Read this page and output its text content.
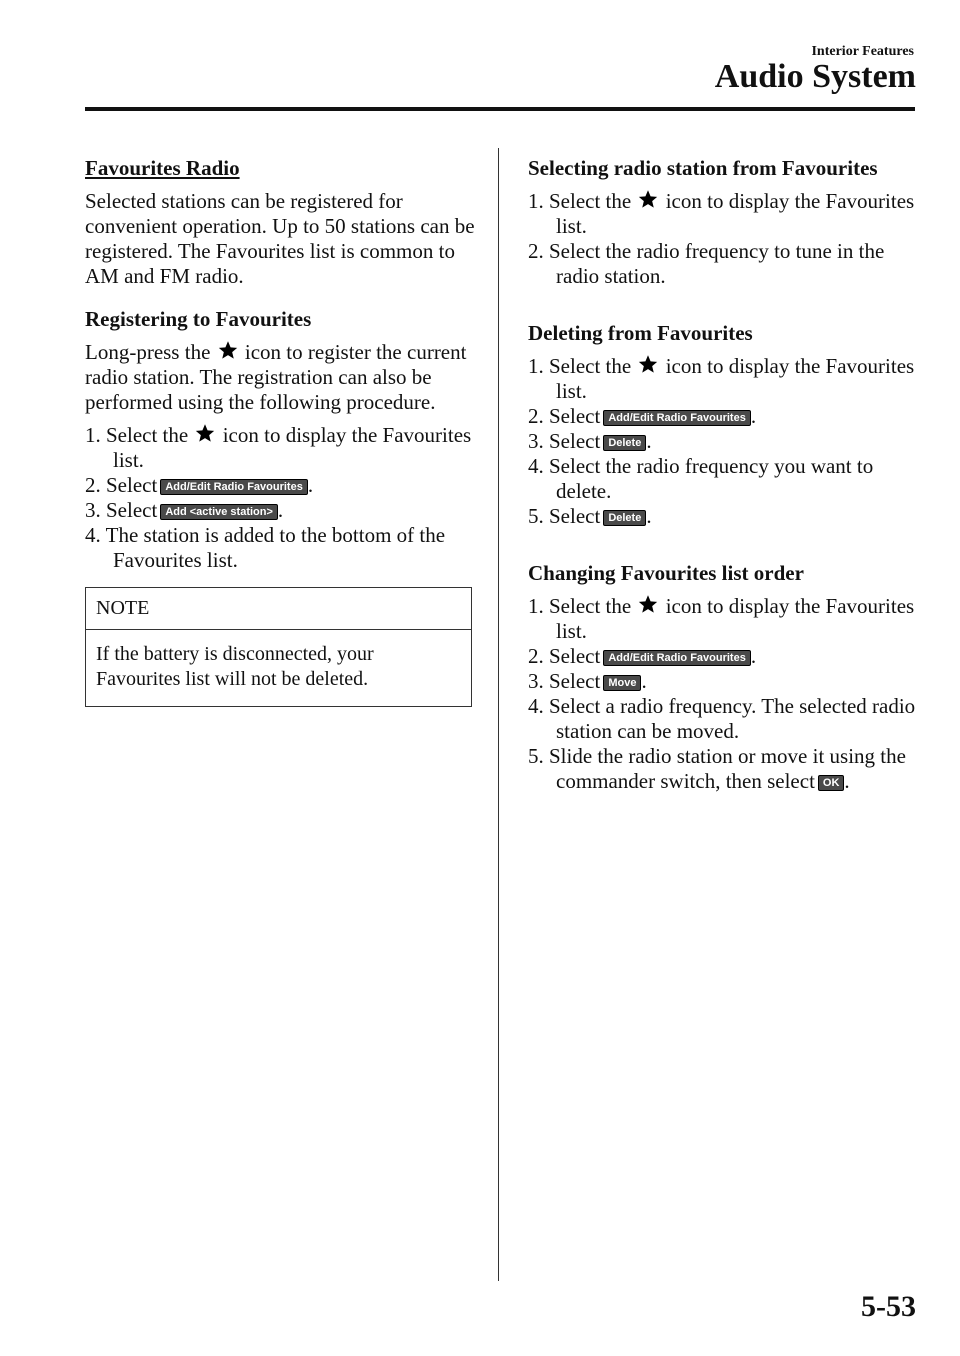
Interior Features
Audio System
Favourites Radio

Selected stations can be registered for convenient operation. Up to 50 stations can be registered. The Favourites list is common to AM and FM radio.

Registering to Favourites

Long-press the icon to register the current radio station. The registration can also be performed using the following procedure.

1. Select the icon to display the Favourites list.
2. Select Add/Edit Radio Favourites .
3. Select Add <active station> .
4. The station is added to the bottom of the Favourites list.
NOTE
If the battery is disconnected, your Favourites list will not be deleted.
Selecting radio station from Favourites
1. Select the icon to display the Favourites list.
2. Select the radio frequency to tune in the radio station.
Deleting from Favourites
1. Select the icon to display the Favourites list.
2. Select Add/Edit Radio Favourites .
3. Select Delete .
4. Select the radio frequency you want to delete.
5. Select Delete .
Changing Favourites list order
1. Select the icon to display the Favourites list.
2. Select Add/Edit Radio Favourites .
3. Select Move .
4. Select a radio frequency. The selected radio station can be moved.
5. Slide the radio station or move it using the commander switch, then select OK .
5-53
